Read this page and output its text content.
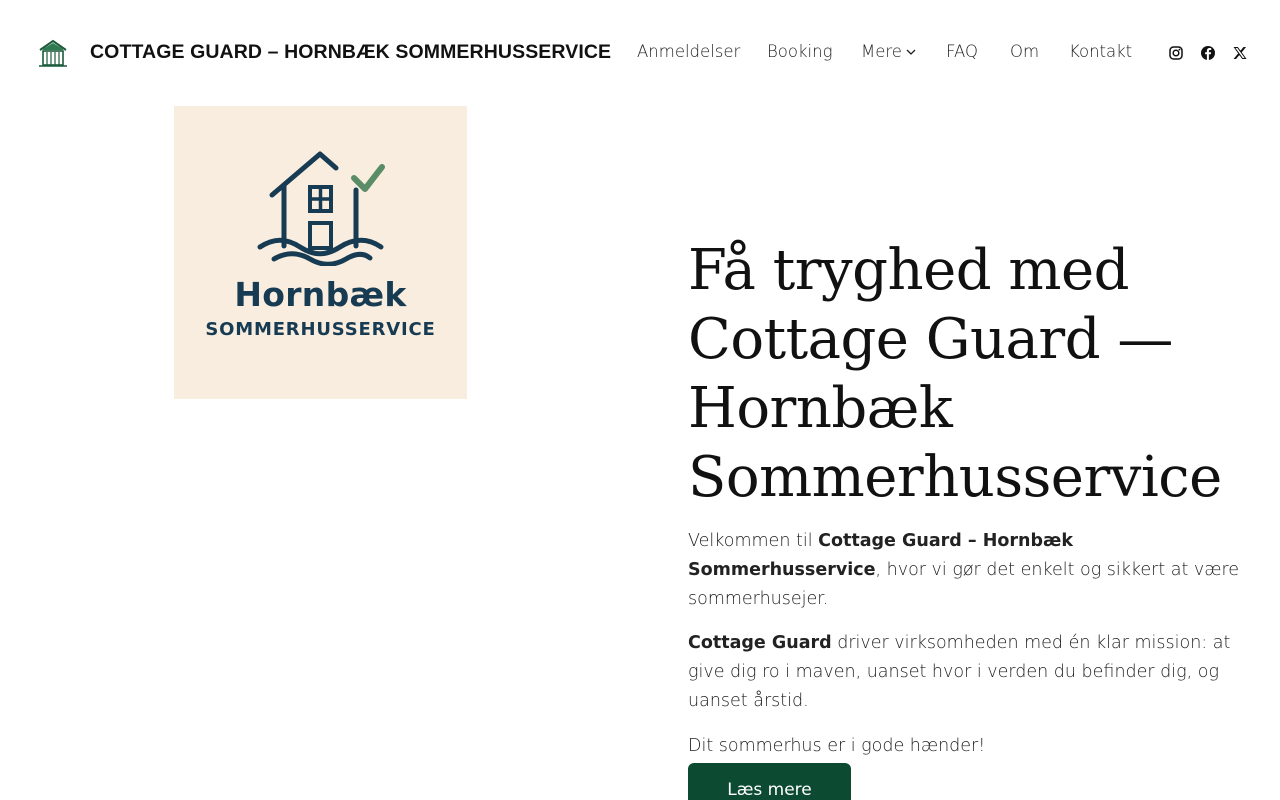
COTTAGE GUARD – HORNBÆK SOMMERHUSSERVICE Anmeldelser Booking Mere	FAQ Om Kontakt
Hornbæk
SOMMERHUSSERVICE
Få tryghed med Cottage Guard — Hornbæk Sommerhusservice

Velkommen til Cottage Guard – Hornbæk Sommerhusservice, hvor vi gør det enkelt og sikkert at være sommerhusejer.

Cottage Guard driver virksomheden med én klar mission: at give dig ro i maven, uanset hvor i verden du befinder dig, og uanset årstid.

Dit sommerhus er i gode hænder!

Læs mere
